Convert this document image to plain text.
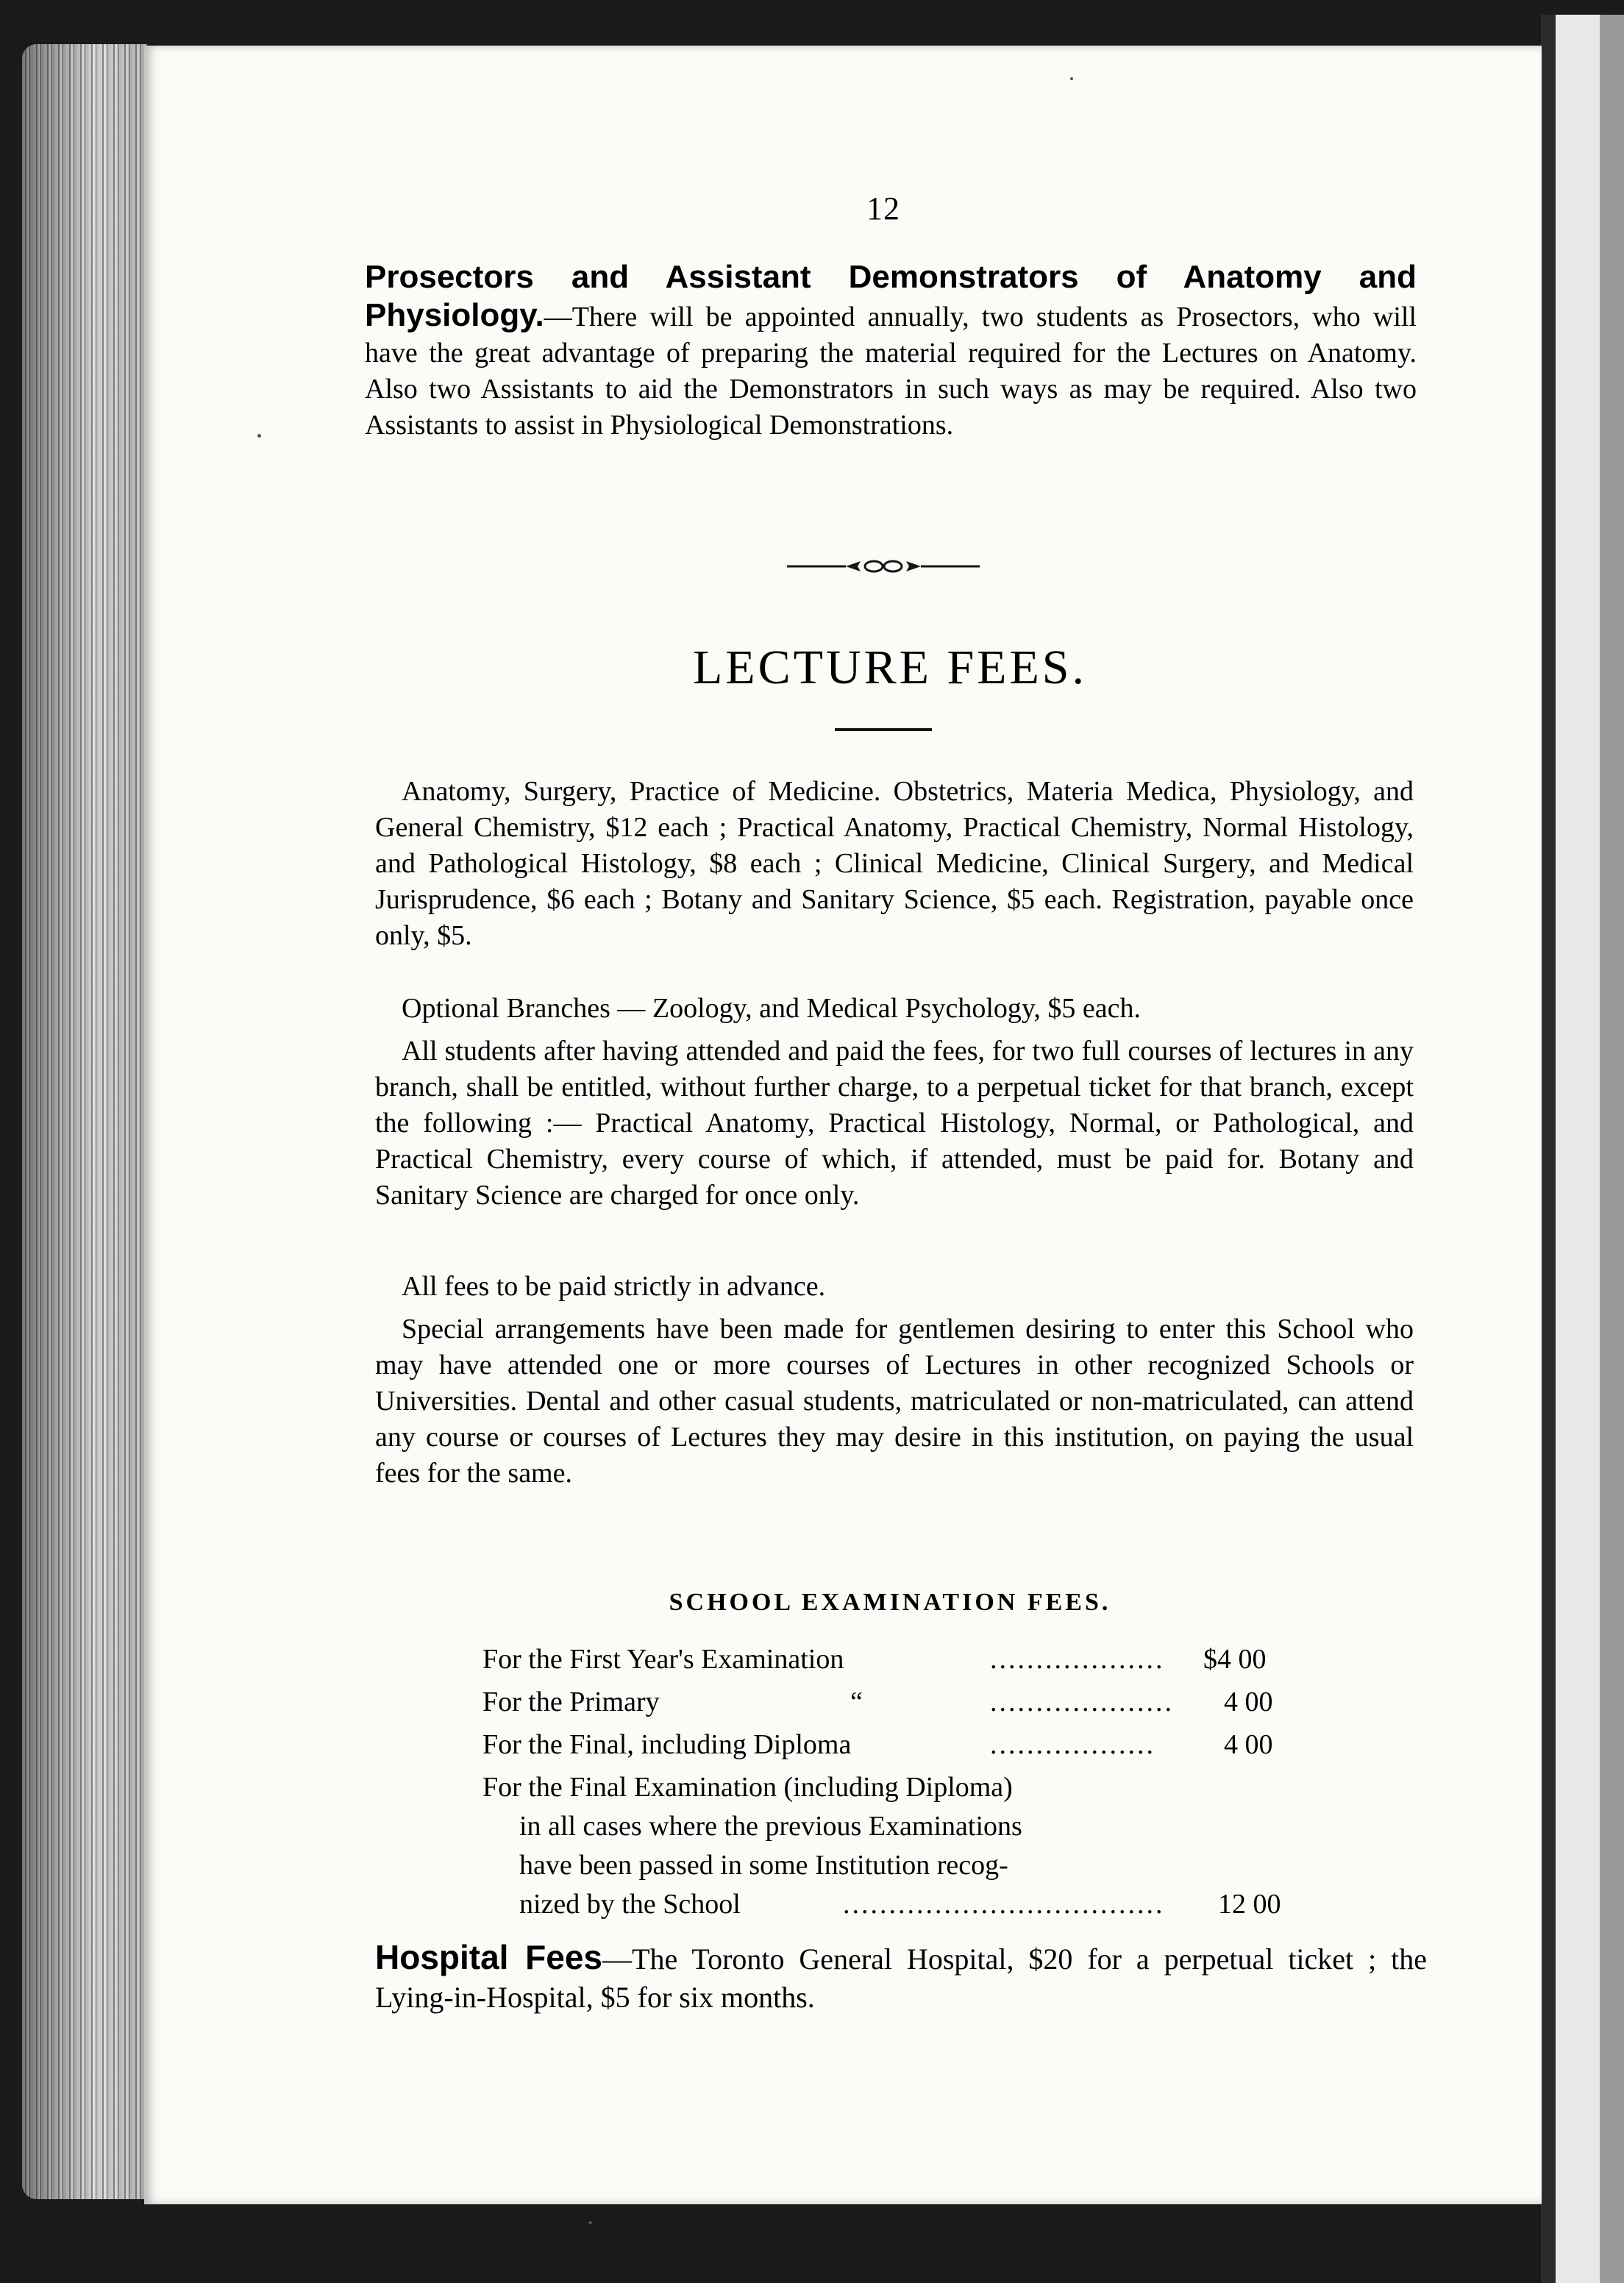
12

Prosectors and Assistant Demonstrators of Anatomy and Physiology.—There will be appointed annually, two students as Prosectors, who will have the great advantage of preparing the material required for the Lectures on Anatomy. Also two Assistants to aid the Demonstrators in such ways as may be required. Also two Assistants to assist in Physiological Demonstrations.

LECTURE FEES.

Anatomy, Surgery, Practice of Medicine. Obstetrics, Materia Medica, Physiology, and General Chemistry, $12 each ; Practical Anatomy, Practical Chemistry, Normal Histology, and Pathological Histology, $8 each ; Clinical Medicine, Clinical Surgery, and Medical Jurisprudence, $6 each ; Botany and Sanitary Science, $5 each. Registration, payable once only, $5.

Optional Branches — Zoology, and Medical Psychology, $5 each.

All students after having attended and paid the fees, for two full courses of lectures in any branch, shall be entitled, without further charge, to a perpetual ticket for that branch, except the following :— Practical Anatomy, Practical Histology, Normal, or Pathological, and Practical Chemistry, every course of which, if attended, must be paid for. Botany and Sanitary Science are charged for once only.

All fees to be paid strictly in advance.

Special arrangements have been made for gentlemen desiring to enter this School who may have attended one or more courses of Lectures in other recognized Schools or Universities. Dental and other casual students, matriculated or non-matriculated, can attend any course or courses of Lectures they may desire in this institution, on paying the usual fees for the same.

SCHOOL EXAMINATION FEES.
For the First Year's Examination	...................	$4 00
For the Primary	“	....................	4 00
For the Final, including Diploma	..................	4 00
For the Final Examination (including Diploma)
in all cases where the previous Examinations
have been passed in some Institution recog-
nized by the School	...................................	12 00

Hospital Fees—The Toronto General Hospital, $20 for a perpetual ticket ; the Lying-in-Hospital, $5 for six months.
